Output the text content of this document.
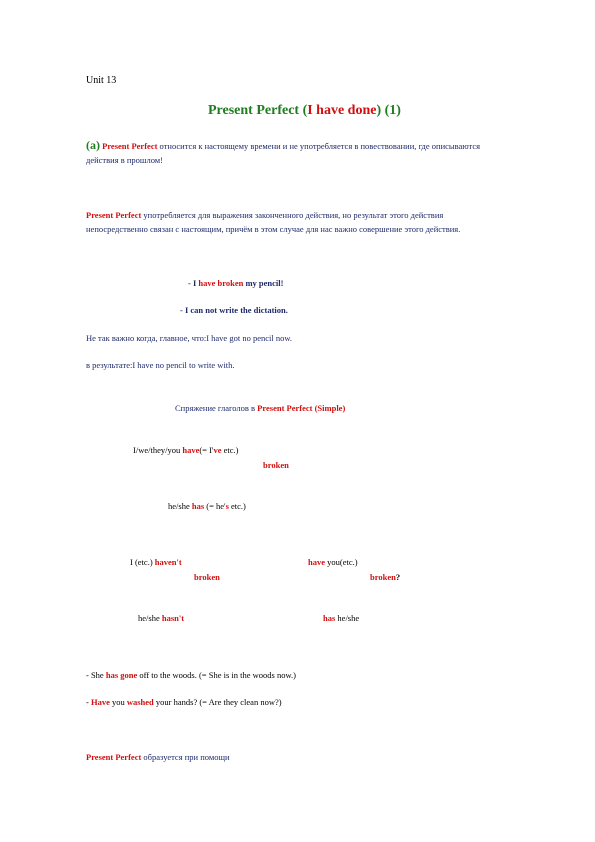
Unit 13
Present Perfect (I have done) (1)
(a) Present Perfect относится к настоящему времени и не употребляется в повествовании, где описываются
действия в прошлом!
Present Perfect употребляется для выражения законченного действия, но результат этого действия
непосредственно связан с настоящим, причём в этом случае для нас важно совершение этого действия.
- I have broken my pencil!
- I can not write the dictation.
Не так важно когда, главное, что:I have got no pencil now.
в результате:I have no pencil to write with.
Спряжение глаголов в Present Perfect (Simple)
I/we/they/you have(= I've etc.)
broken
he/she has (= he's etc.)
I (etc.) haven't	have you(etc.)
broken	broken?
he/she hasn't	has he/she
- She has gone off to the woods. (= She is in the woods now.)
- Have you washed your hands? (= Are they clean now?)
Present Perfect образуется при помощи
